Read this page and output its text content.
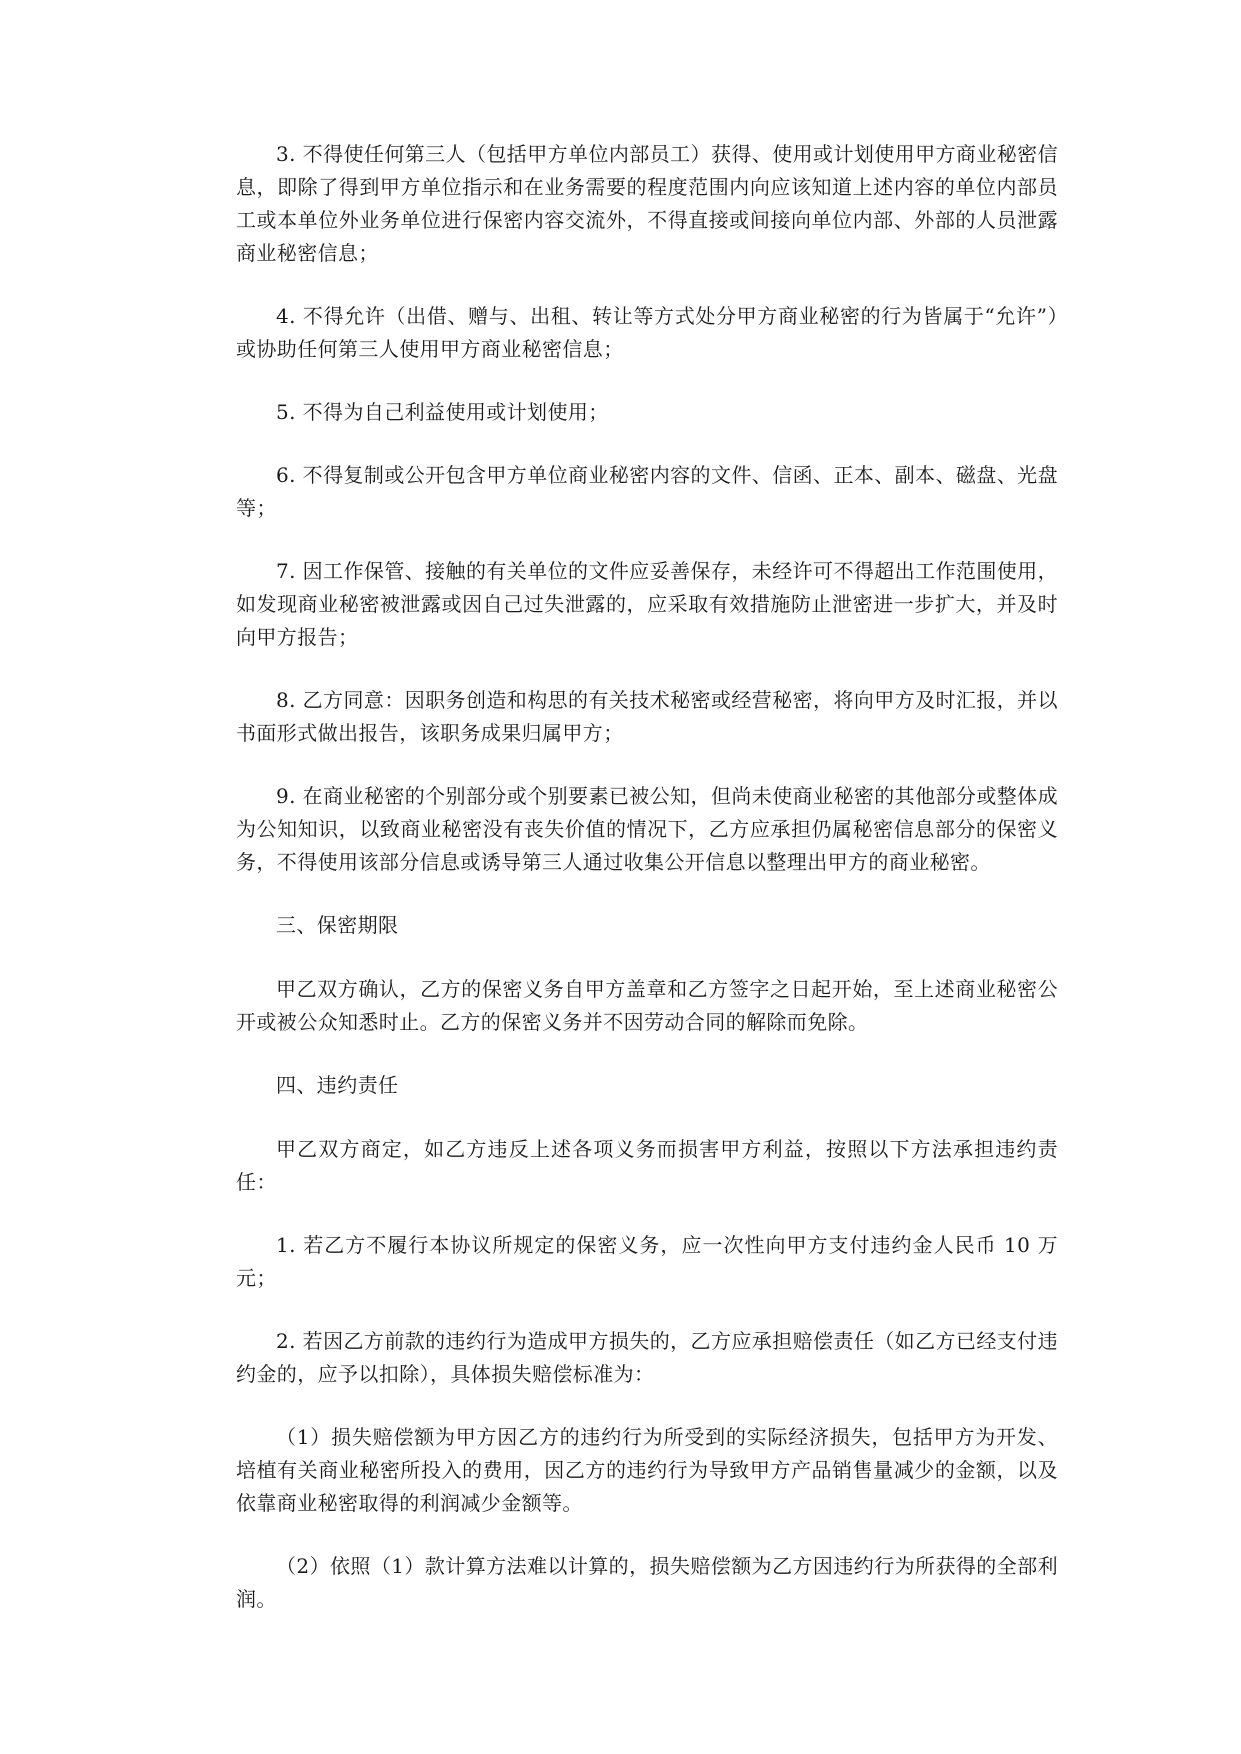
3. 不得使任何第三人（包括甲方单位内部员工）获得、使用或计划使用甲方商业秘密信息，即除了得到甲方单位指示和在业务需要的程度范围内向应该知道上述内容的单位内部员工或本单位外业务单位进行保密内容交流外，不得直接或间接向单位内部、外部的人员泄露商业秘密信息；

4. 不得允许（出借、赠与、出租、转让等方式处分甲方商业秘密的行为皆属于“允许”）或协助任何第三人使用甲方商业秘密信息；

5. 不得为自己利益使用或计划使用；

6. 不得复制或公开包含甲方单位商业秘密内容的文件、信函、正本、副本、磁盘、光盘等；

7. 因工作保管、接触的有关单位的文件应妥善保存，未经许可不得超出工作范围使用，如发现商业秘密被泄露或因自己过失泄露的，应采取有效措施防止泄密进一步扩大，并及时向甲方报告；

8. 乙方同意：因职务创造和构思的有关技术秘密或经营秘密，将向甲方及时汇报，并以书面形式做出报告，该职务成果归属甲方；

9. 在商业秘密的个别部分或个别要素已被公知，但尚未使商业秘密的其他部分或整体成为公知知识，以致商业秘密没有丧失价值的情况下，乙方应承担仍属秘密信息部分的保密义务，不得使用该部分信息或诱导第三人通过收集公开信息以整理出甲方的商业秘密。

三、保密期限

甲乙双方确认，乙方的保密义务自甲方盖章和乙方签字之日起开始，至上述商业秘密公开或被公众知悉时止。乙方的保密义务并不因劳动合同的解除而免除。

四、违约责任

甲乙双方商定，如乙方违反上述各项义务而损害甲方利益，按照以下方法承担违约责任：

1. 若乙方不履行本协议所规定的保密义务，应一次性向甲方支付违约金人民币 10 万元；

2. 若因乙方前款的违约行为造成甲方损失的，乙方应承担赔偿责任（如乙方已经支付违约金的，应予以扣除），具体损失赔偿标准为：

（1）损失赔偿额为甲方因乙方的违约行为所受到的实际经济损失，包括甲方为开发、培植有关商业秘密所投入的费用，因乙方的违约行为导致甲方产品销售量减少的金额，以及依靠商业秘密取得的利润减少金额等。

（2）依照（1）款计算方法难以计算的，损失赔偿额为乙方因违约行为所获得的全部利润。
